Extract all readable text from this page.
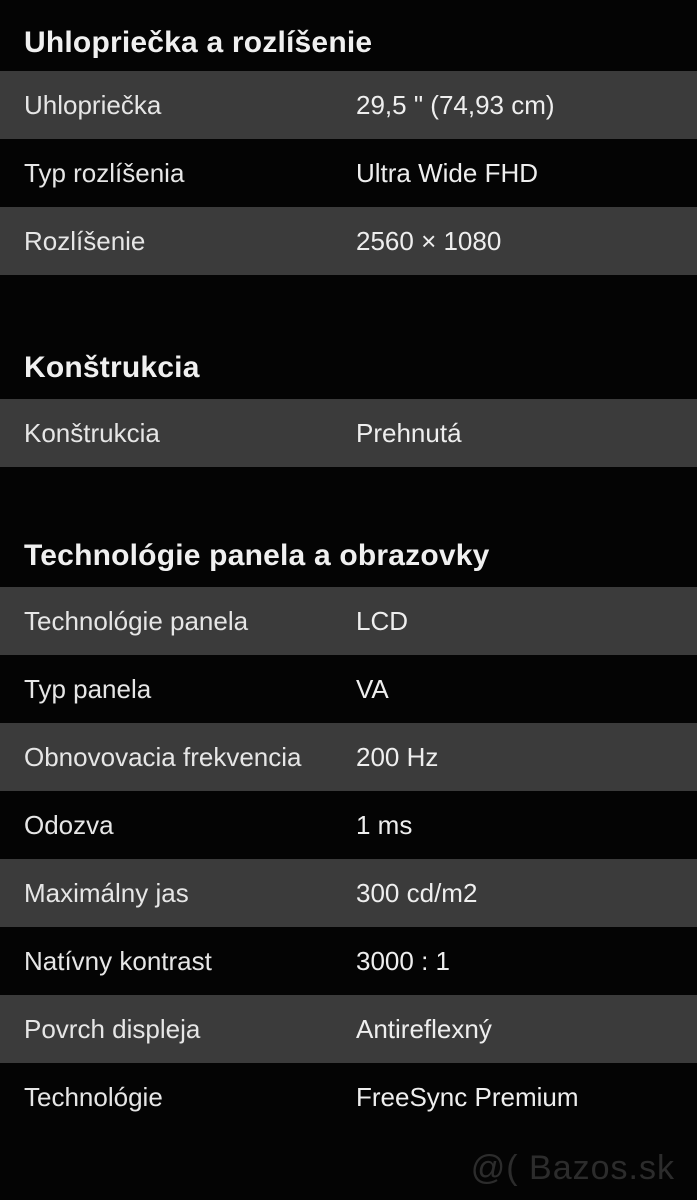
Uhlopriečka a rozlíšenie
Uhlopriečka	29,5 " (74,93 cm)
Typ rozlíšenia	Ultra Wide FHD
Rozlíšenie	2560 × 1080
Konštrukcia
Konštrukcia	Prehnutá
Technológie panela a obrazovky
Technológie panela	LCD
Typ panela	VA
Obnovovacia frekvencia	200 Hz
Odozva	1 ms
Maximálny jas	300 cd/m2
Natívny kontrast	3000 : 1
Povrch displeja	Antireflexný
Technológie	FreeSync Premium
@( Bazos.sk
